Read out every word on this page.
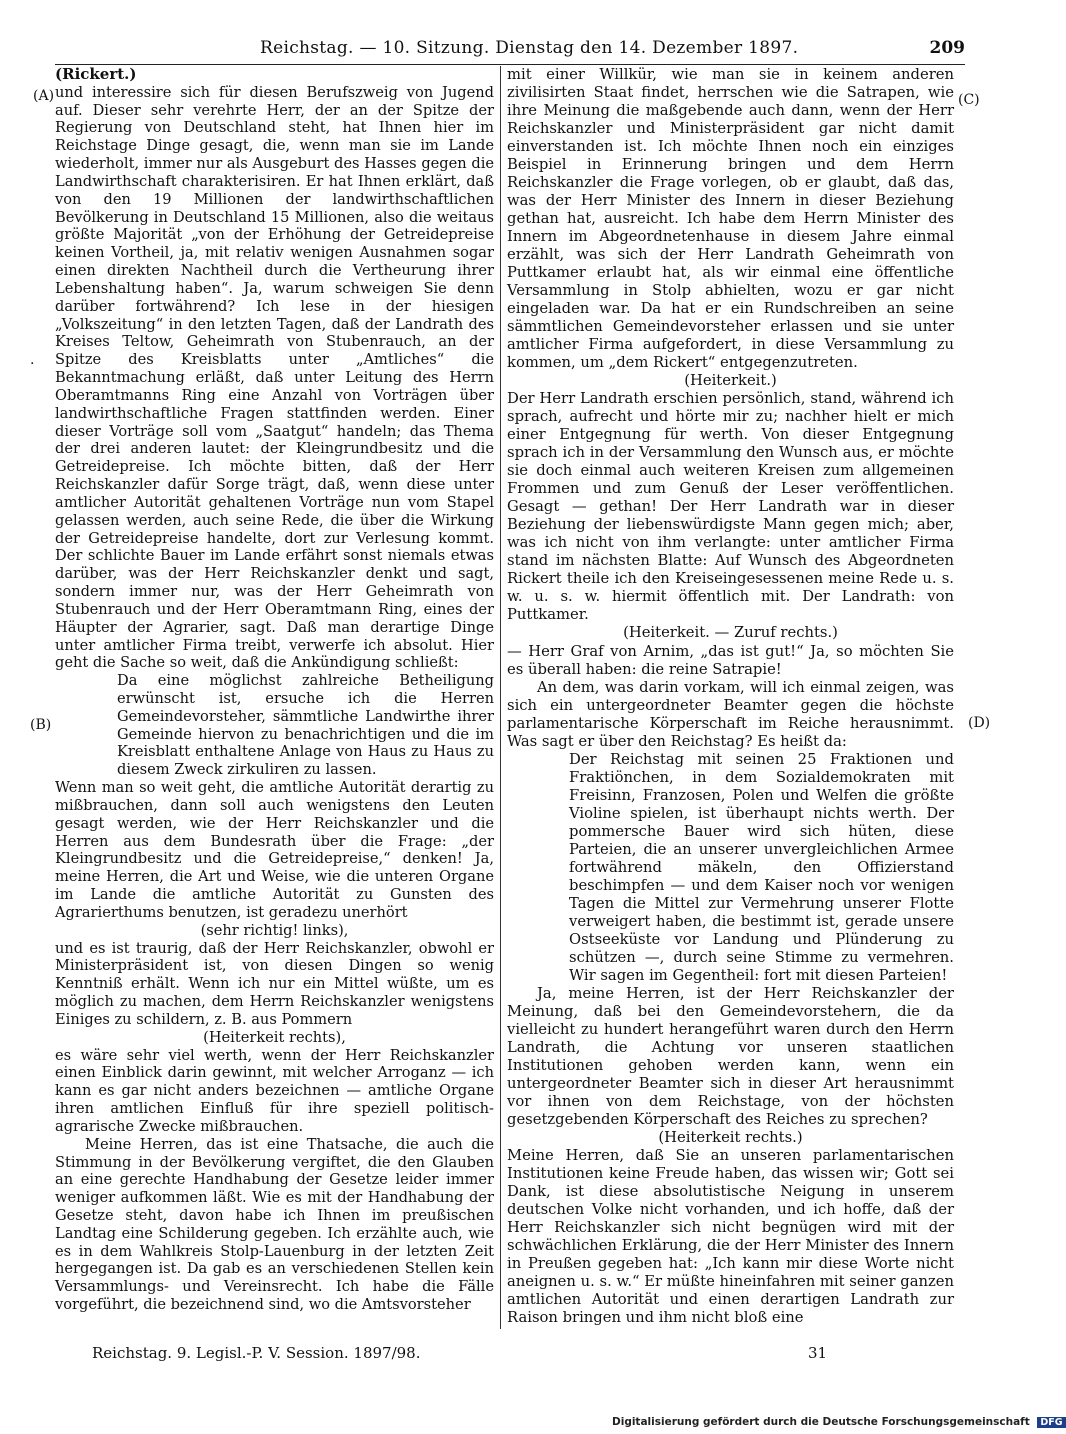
Reichstag. — 10. Sitzung. Dienstag den 14. Dezember 1897.	209
(A)
(B)
(C)
(D)
.

(Rickert.)

und interessire sich für diesen Berufszweig von Jugend auf. Dieser sehr verehrte Herr, der an der Spitze der Regierung von Deutschland steht, hat Ihnen hier im Reichstage Dinge gesagt, die, wenn man sie im Lande wiederholt, immer nur als Ausgeburt des Hasses gegen die Landwirthschaft charakterisiren. Er hat Ihnen erklärt, daß von den 19 Millionen der landwirthschaftlichen Bevölkerung in Deutschland 15 Millionen, also die weitaus größte Majorität „von der Erhöhung der Getreidepreise keinen Vortheil, ja, mit relativ wenigen Ausnahmen sogar einen direkten Nachtheil durch die Vertheurung ihrer Lebenshaltung haben“. Ja, warum schweigen Sie denn darüber fortwährend? Ich lese in der hiesigen „Volkszeitung“ in den letzten Tagen, daß der Landrath des Kreises Teltow, Geheimrath von Stubenrauch, an der Spitze des Kreisblatts unter „Amtliches“ die Bekanntmachung erläßt, daß unter Leitung des Herrn Oberamtmanns Ring eine Anzahl von Vorträgen über landwirthschaftliche Fragen stattfinden werden. Einer dieser Vorträge soll vom „Saatgut“ handeln; das Thema der drei anderen lautet: der Kleingrundbesitz und die Getreidepreise. Ich möchte bitten, daß der Herr Reichskanzler dafür Sorge trägt, daß, wenn diese unter amtlicher Autorität gehaltenen Vorträge nun vom Stapel gelassen werden, auch seine Rede, die über die Wirkung der Getreidepreise handelte, dort zur Verlesung kommt. Der schlichte Bauer im Lande erfährt sonst niemals etwas darüber, was der Herr Reichskanzler denkt und sagt, sondern immer nur, was der Herr Geheimrath von Stubenrauch und der Herr Oberamtmann Ring, eines der Häupter der Agrarier, sagt. Daß man derartige Dinge unter amtlicher Firma treibt, verwerfe ich absolut. Hier geht die Sache so weit, daß die Ankündigung schließt:

Da eine möglichst zahlreiche Betheiligung erwünscht ist, ersuche ich die Herren Gemeindevorsteher, sämmtliche Landwirthe ihrer Gemeinde hiervon zu benachrichtigen und die im Kreisblatt enthaltene Anlage von Haus zu Haus zu diesem Zweck zirkuliren zu lassen.

Wenn man so weit geht, die amtliche Autorität derartig zu mißbrauchen, dann soll auch wenigstens den Leuten gesagt werden, wie der Herr Reichskanzler und die Herren aus dem Bundesrath über die Frage: „der Kleingrundbesitz und die Getreidepreise,“ denken! Ja, meine Herren, die Art und Weise, wie die unteren Organe im Lande die amtliche Autorität zu Gunsten des Agrarierthums benutzen, ist geradezu unerhört

(sehr richtig! links),

und es ist traurig, daß der Herr Reichskanzler, obwohl er Ministerpräsident ist, von diesen Dingen so wenig Kenntniß erhält. Wenn ich nur ein Mittel wüßte, um es möglich zu machen, dem Herrn Reichskanzler wenigstens Einiges zu schildern, z. B. aus Pommern

(Heiterkeit rechts),

es wäre sehr viel werth, wenn der Herr Reichskanzler einen Einblick darin gewinnt, mit welcher Arroganz — ich kann es gar nicht anders bezeichnen — amtliche Organe ihren amtlichen Einfluß für ihre speziell politisch-agrarische Zwecke mißbrauchen.

Meine Herren, das ist eine Thatsache, die auch die Stimmung in der Bevölkerung vergiftet, die den Glauben an eine gerechte Handhabung der Gesetze leider immer weniger aufkommen läßt. Wie es mit der Handhabung der Gesetze steht, davon habe ich Ihnen im preußischen Landtag eine Schilderung gegeben. Ich erzählte auch, wie es in dem Wahlkreis Stolp-Lauenburg in der letzten Zeit hergegangen ist. Da gab es an verschiedenen Stellen kein Versammlungs- und Vereinsrecht. Ich habe die Fälle vorgeführt, die bezeichnend sind, wo die Amtsvorsteher

mit einer Willkür, wie man sie in keinem anderen zivilisirten Staat findet, herrschen wie die Satrapen, wie ihre Meinung die maßgebende auch dann, wenn der Herr Reichskanzler und Ministerpräsident gar nicht damit einverstanden ist. Ich möchte Ihnen noch ein einziges Beispiel in Erinnerung bringen und dem Herrn Reichskanzler die Frage vorlegen, ob er glaubt, daß das, was der Herr Minister des Innern in dieser Beziehung gethan hat, ausreicht. Ich habe dem Herrn Minister des Innern im Abgeordnetenhause in diesem Jahre einmal erzählt, was sich der Herr Landrath Geheimrath von Puttkamer erlaubt hat, als wir einmal eine öffentliche Versammlung in Stolp abhielten, wozu er gar nicht eingeladen war. Da hat er ein Rundschreiben an seine sämmtlichen Gemeindevorsteher erlassen und sie unter amtlicher Firma aufgefordert, in diese Versammlung zu kommen, um „dem Rickert“ entgegenzutreten.

(Heiterkeit.)

Der Herr Landrath erschien persönlich, stand, während ich sprach, aufrecht und hörte mir zu; nachher hielt er mich einer Entgegnung für werth. Von dieser Entgegnung sprach ich in der Versammlung den Wunsch aus, er möchte sie doch einmal auch weiteren Kreisen zum allgemeinen Frommen und zum Genuß der Leser veröffentlichen. Gesagt — gethan! Der Herr Landrath war in dieser Beziehung der liebenswürdigste Mann gegen mich; aber, was ich nicht von ihm verlangte: unter amtlicher Firma stand im nächsten Blatte: Auf Wunsch des Abgeordneten Rickert theile ich den Kreiseingesessenen meine Rede u. s. w. u. s. w. hiermit öffentlich mit. Der Landrath: von Puttkamer.

(Heiterkeit. — Zuruf rechts.)

— Herr Graf von Arnim, „das ist gut!“ Ja, so möchten Sie es überall haben: die reine Satrapie!

An dem, was darin vorkam, will ich einmal zeigen, was sich ein untergeordneter Beamter gegen die höchste parlamentarische Körperschaft im Reiche herausnimmt. Was sagt er über den Reichstag? Es heißt da:

Der Reichstag mit seinen 25 Fraktionen und Fraktiönchen, in dem Sozialdemokraten mit Freisinn, Franzosen, Polen und Welfen die größte Violine spielen, ist überhaupt nichts werth. Der pommersche Bauer wird sich hüten, diese Parteien, die an unserer unvergleichlichen Armee fortwährend mäkeln, den Offizierstand beschimpfen — und dem Kaiser noch vor wenigen Tagen die Mittel zur Vermehrung unserer Flotte verweigert haben, die bestimmt ist, gerade unsere Ostseeküste vor Landung und Plünderung zu schützen —, durch seine Stimme zu vermehren. Wir sagen im Gegentheil: fort mit diesen Parteien!

Ja, meine Herren, ist der Herr Reichskanzler der Meinung, daß bei den Gemeindevorstehern, die da vielleicht zu hundert herangeführt waren durch den Herrn Landrath, die Achtung vor unseren staatlichen Institutionen gehoben werden kann, wenn ein untergeordneter Beamter sich in dieser Art herausnimmt vor ihnen von dem Reichstage, von der höchsten gesetzgebenden Körperschaft des Reiches zu sprechen?

(Heiterkeit rechts.)

Meine Herren, daß Sie an unseren parlamentarischen Institutionen keine Freude haben, das wissen wir; Gott sei Dank, ist diese absolutistische Neigung in unserem deutschen Volke nicht vorhanden, und ich hoffe, daß der Herr Reichskanzler sich nicht begnügen wird mit der schwächlichen Erklärung, die der Herr Minister des Innern in Preußen gegeben hat: „Ich kann mir diese Worte nicht aneignen u. s. w.“ Er müßte hineinfahren mit seiner ganzen amtlichen Autorität und einen derartigen Landrath zur Raison bringen und ihm nicht bloß eine

Reichstag. 9. Legisl.-P. V. Session. 1897/98.	31
Digitalisierung gefördert durch die Deutsche Forschungsgemeinschaft DFG
